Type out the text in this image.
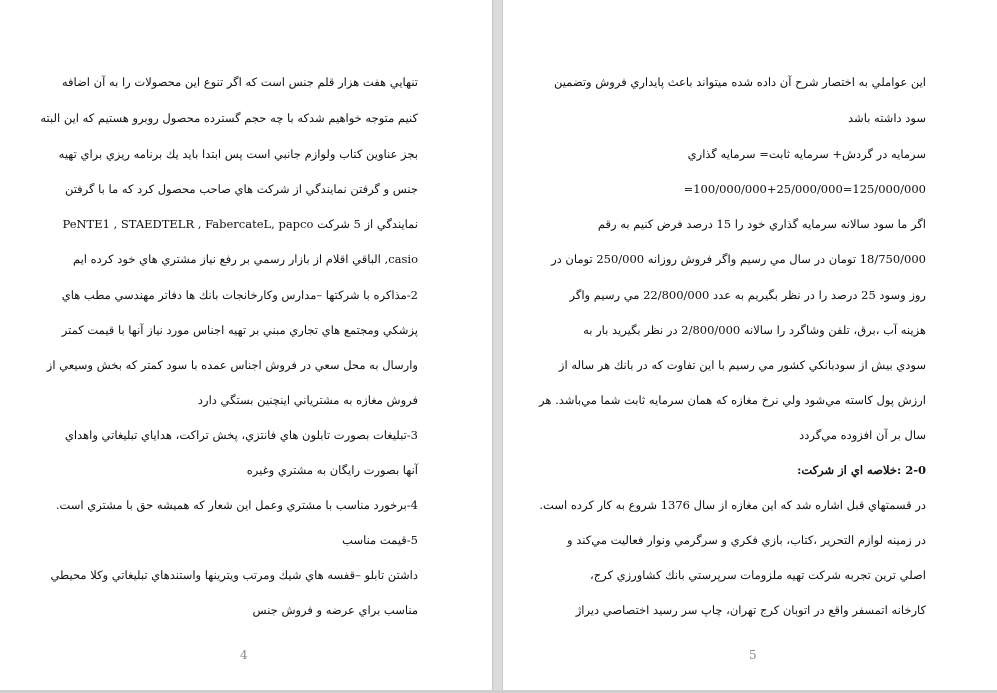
تنهايي هفت هزار قلم جنس است كه اگر تنوع اين محصولات را به آن اضافه

كنيم متوجه خواهيم شدكه با چه حجم گسترده محصول روبرو هستيم كه اين البته

بجز عناوين كتاب ولوازم جانبي است پس ابتدا بايد يك برنامه ريزي براي تهيه

جنس و گرفتن نمايندگي از شركت هاي صاحب محصول كرد كه ما با گرفتن

نمايندگي از 5 شركت PeNTE1 , STAEDTELR , FabercateL, papco

casio, الباقي اقلام از بازار رسمي بر رفع نياز مشتري هاي خود كرده ايم

2-مذاكره با شركتها –مدارس وكارخانجات بانك ها دفاتر مهندسي مطب هاي

پزشكي ومجتمع هاي تجاري مبني بر تهيه اجناس مورد نياز آنها با قيمت كمتر

وارسال به محل سعي در فروش اجناس عمده با سود كمتر كه بخش وسيعي از

فروش مغازه به مشترياني اينچنين بستگي دارد

3-تبليغات بصورت تابلون هاي فانتزي، پخش تراكت، هداياي تبليغاتي واهداي

آنها بصورت رايگان به مشتري وغيره

4-برخورد مناسب با مشتري وعمل اين شعار كه هميشه حق با مشتري است.

5-قيمت مناسب

داشتن تابلو –قفسه هاي شيك ومرتب ويترينها واستندهاي تبليغاتي وكلا محيطي

مناسب براي عرضه و فروش جنس

4

اين عواملي به اختصار شرح آن داده شده ميتواند باعث پايداري فروش وتضمين

سود داشته باشد

سرمايه در گردش+ سرمايه ثابت= سرمايه گذاري

=100/000/000+25/000/000=125/000/000

اگر ما سود سالانه سرمايه گذاري خود را 15 درصد فرض كنيم به رقم

18/750/000 تومان در سال مي رسيم واگر فروش روزانه 250/000 تومان در

روز وسود 25 درصد را در نظر بگيريم به عدد 22/800/000 مي رسيم واگر

هزينه آب ،برق، تلفن وشاگرد را سالانه 2/800/000 در نظر بگيريد بار به

سودي بيش از سودبانكي كشور مي رسيم با اين تفاوت كه در بانك هر ساله از

ارزش پول كاسته مي‌شود ولي نرخ مغازه كه همان سرمايه ثابت شما مي‌باشد. هر

سال بر آن افزوده مي‌گردد

2-0 :خلاصه اي از شركت:

در قسمتهاي قبل اشاره شد كه اين مغازه از سال 1376 شروع به كار كرده است.

در زمينه لوازم التحرير ،كتاب، بازي فكري و سرگرمي ونوار فعاليت مي‌كند و

اصلي ترين تجربه شركت تهيه ملزومات سرپرستي بانك كشاورزي كرج،

كارخانه اتمسفر واقع در اتوبان كرج تهران، چاپ سر رسيد اختصاصي ديراژ

5
